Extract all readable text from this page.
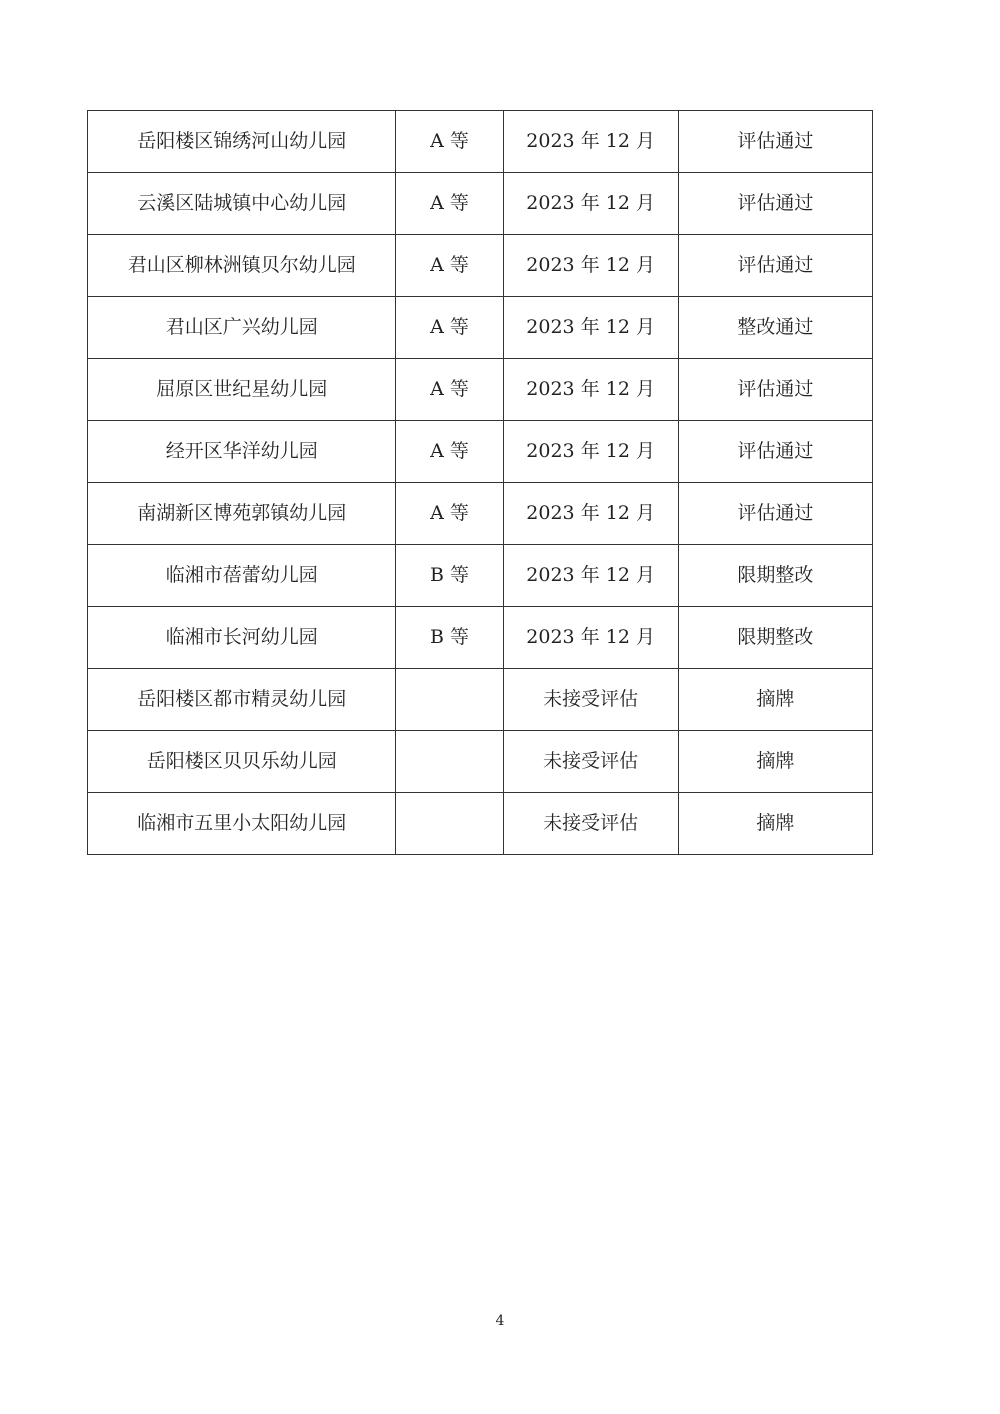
岳阳楼区锦绣河山幼儿园	A 等	2023 年 12 月	评估通过
云溪区陆城镇中心幼儿园	A 等	2023 年 12 月	评估通过
君山区柳林洲镇贝尔幼儿园	A 等	2023 年 12 月	评估通过
君山区广兴幼儿园	A 等	2023 年 12 月	整改通过
屈原区世纪星幼儿园	A 等	2023 年 12 月	评估通过
经开区华洋幼儿园	A 等	2023 年 12 月	评估通过
南湖新区博苑郭镇幼儿园	A 等	2023 年 12 月	评估通过
临湘市蓓蕾幼儿园	B 等	2023 年 12 月	限期整改
临湘市长河幼儿园	B 等	2023 年 12 月	限期整改
岳阳楼区都市精灵幼儿园		未接受评估	摘牌
岳阳楼区贝贝乐幼儿园		未接受评估	摘牌
临湘市五里小太阳幼儿园		未接受评估	摘牌
4
